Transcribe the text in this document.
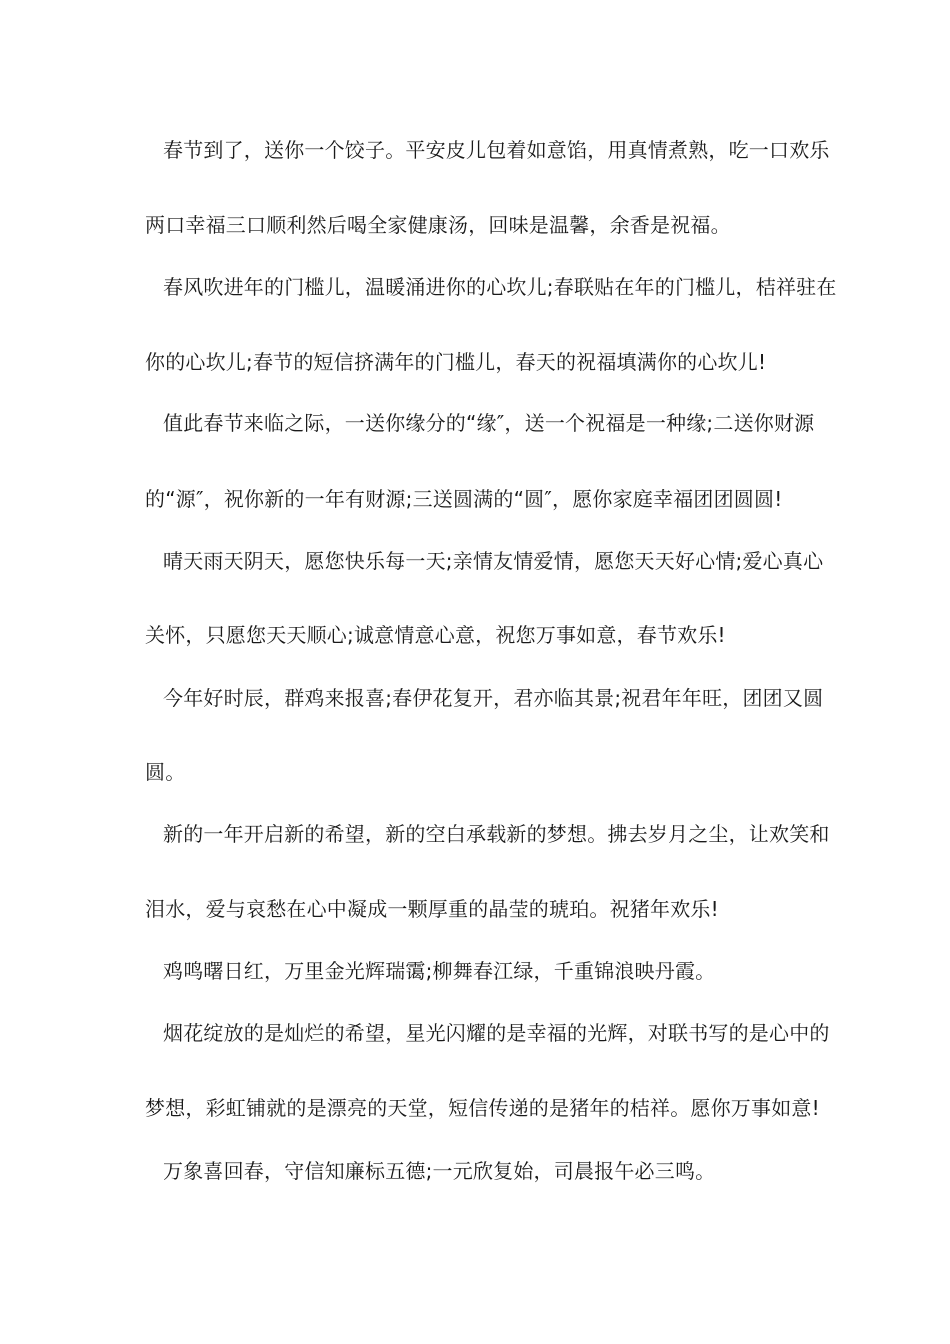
春节到了，送你一个饺子。平安皮儿包着如意馅，用真情煮熟，吃一口欢乐
两口幸福三口顺利然后喝全家健康汤，回味是温馨，余香是祝福。
春风吹进年的门槛儿，温暖涌进你的心坎儿;春联贴在年的门槛儿，桔祥驻在
你的心坎儿;春节的短信挤满年的门槛儿，春天的祝福填满你的心坎儿!
值此春节来临之际，一送你缘分的“缘″，送一个祝福是一种缘;二送你财源
的“源″，祝你新的一年有财源;三送圆满的“圆″，愿你家庭幸福团团圆圆!
晴天雨天阴天，愿您快乐每一天;亲情友情爱情，愿您天天好心情;爱心真心
关怀，只愿您天天顺心;诚意情意心意，祝您万事如意，春节欢乐!
今年好时辰，群鸡来报喜;春伊花复开，君亦临其景;祝君年年旺，团团又圆
圆。
新的一年开启新的希望，新的空白承载新的梦想。拂去岁月之尘，让欢笑和
泪水，爱与哀愁在心中凝成一颗厚重的晶莹的琥珀。祝猪年欢乐!
鸡鸣曙日红，万里金光辉瑞霭;柳舞春江绿，千重锦浪映丹霞。
烟花绽放的是灿烂的希望，星光闪耀的是幸福的光辉，对联书写的是心中的
梦想，彩虹铺就的是漂亮的天堂，短信传递的是猪年的桔祥。愿你万事如意!
万象喜回春，守信知廉标五德;一元欣复始，司晨报午必三鸣。
